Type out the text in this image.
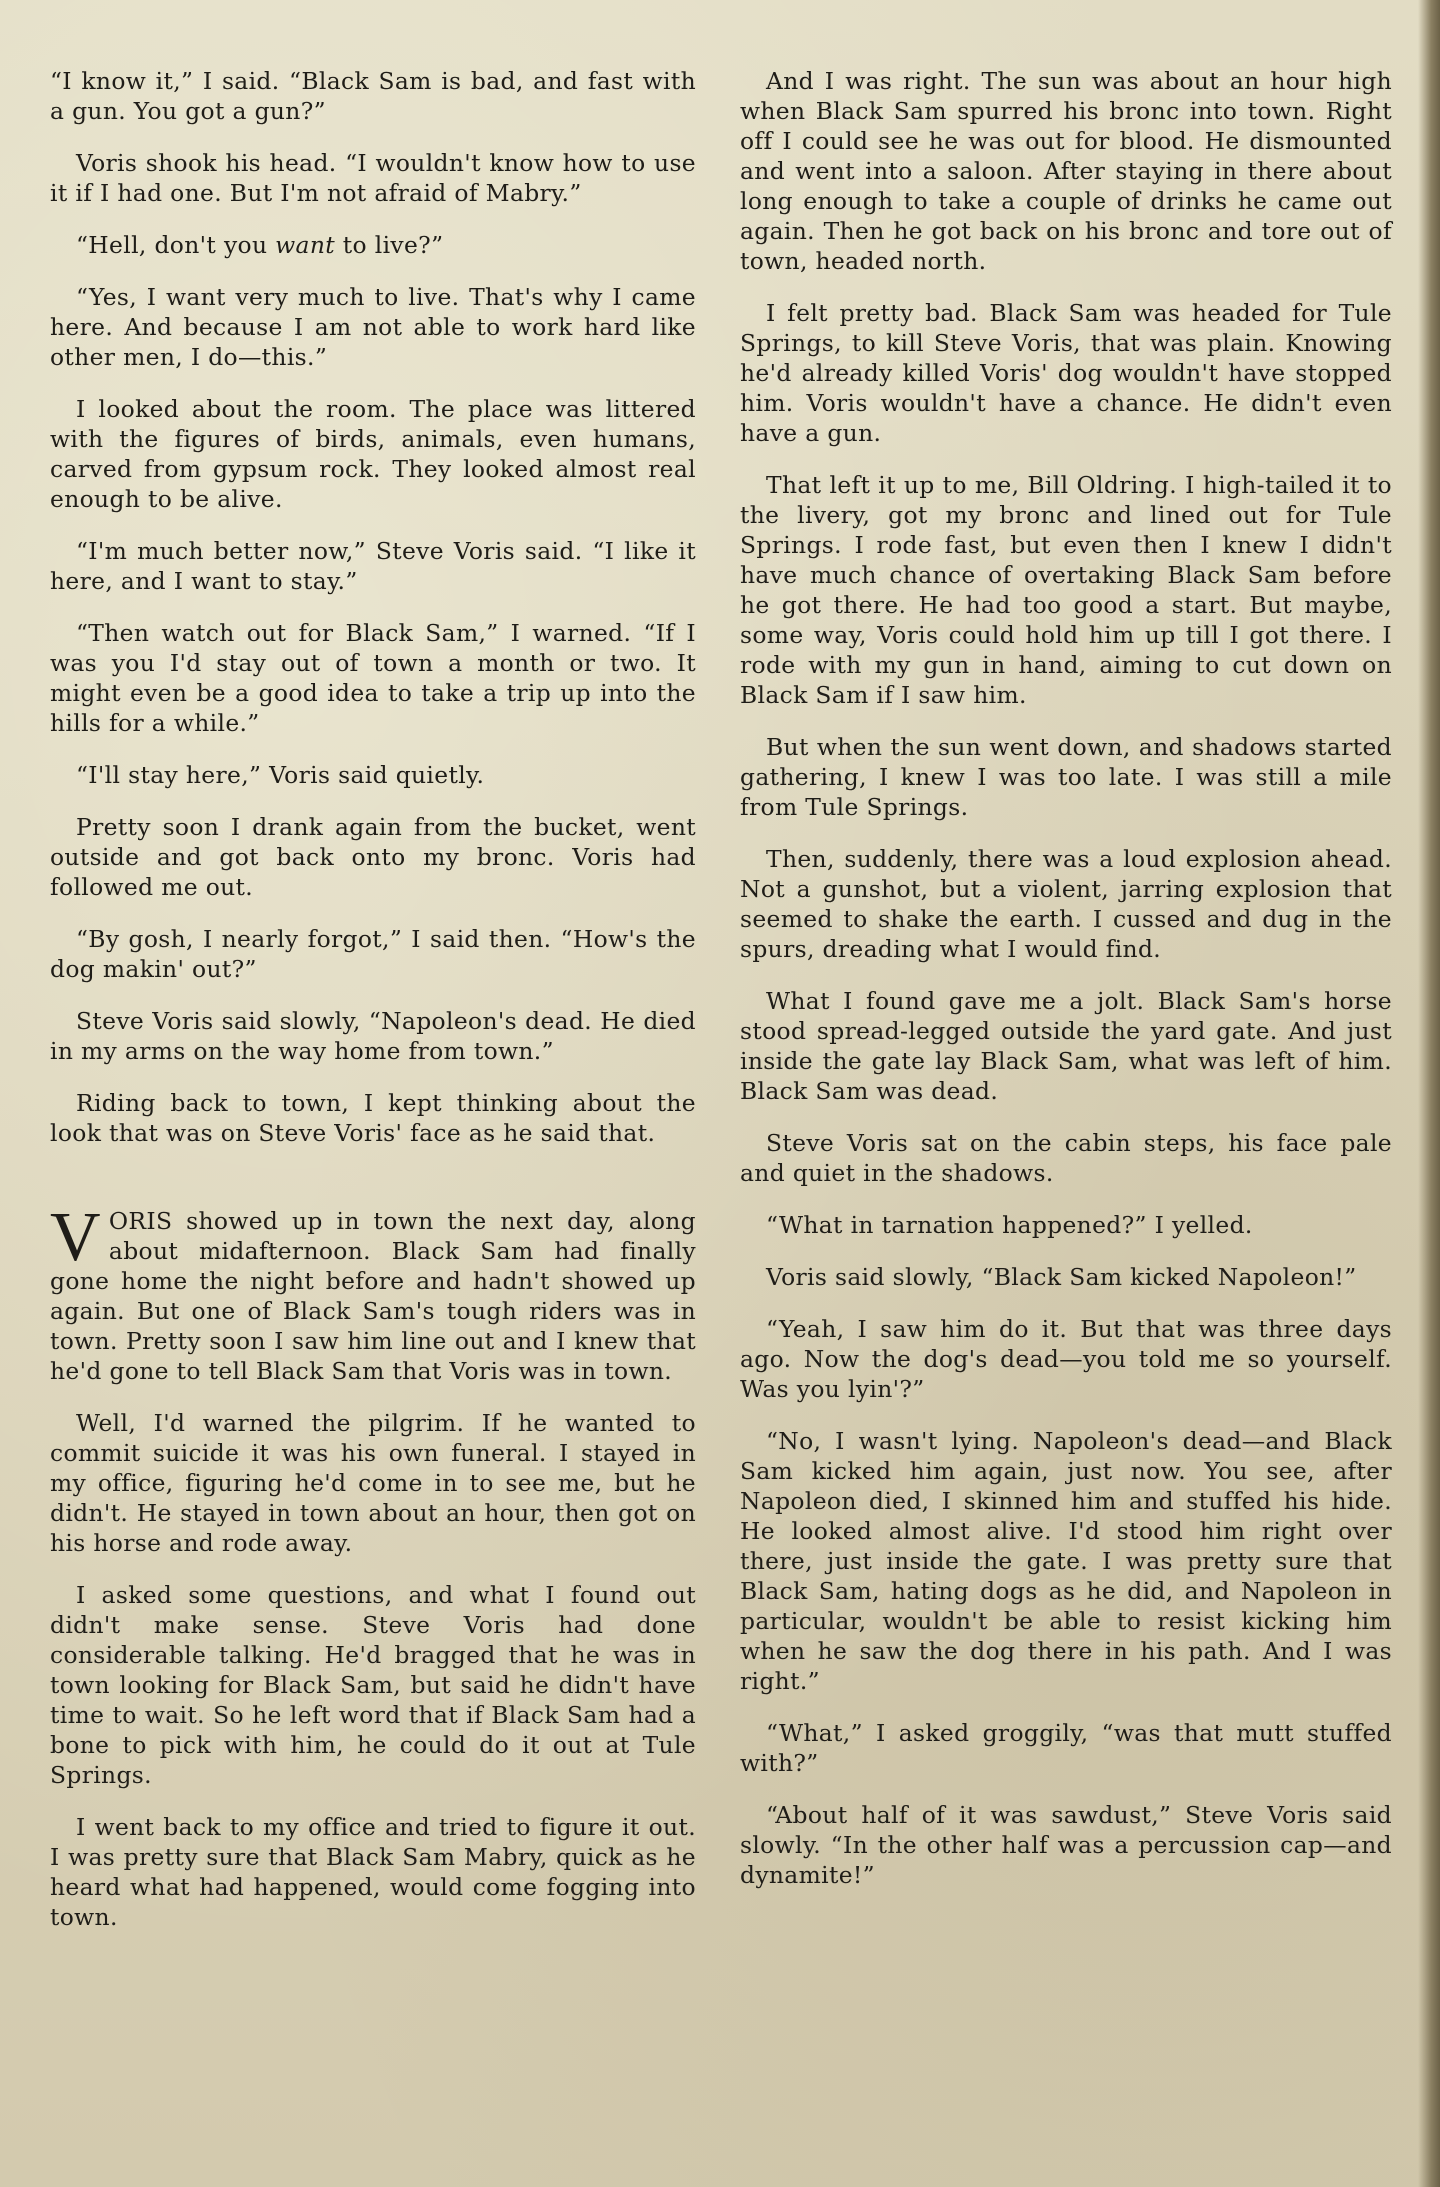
“I know it,” I said. “Black Sam is bad, and fast with a gun. You got a gun?”

Voris shook his head. “I wouldn't know how to use it if I had one. But I'm not afraid of Mabry.”

“Hell, don't you want to live?”

“Yes, I want very much to live. That's why I came here. And because I am not able to work hard like other men, I do—this.”

I looked about the room. The place was littered with the figures of birds, animals, even humans, carved from gypsum rock. They looked almost real enough to be alive.

“I'm much better now,” Steve Voris said. “I like it here, and I want to stay.”

“Then watch out for Black Sam,” I warned. “If I was you I'd stay out of town a month or two. It might even be a good idea to take a trip up into the hills for a while.”

“I'll stay here,” Voris said quietly.

Pretty soon I drank again from the bucket, went outside and got back onto my bronc. Voris had followed me out.

“By gosh, I nearly forgot,” I said then. “How's the dog makin' out?”

Steve Voris said slowly, “Napoleon's dead. He died in my arms on the way home from town.”

Riding back to town, I kept thinking about the look that was on Steve Voris' face as he said that.

VORIS showed up in town the next day, along about midafternoon. Black Sam had finally gone home the night before and hadn't showed up again. But one of Black Sam's tough riders was in town. Pretty soon I saw him line out and I knew that he'd gone to tell Black Sam that Voris was in town.

Well, I'd warned the pilgrim. If he wanted to commit suicide it was his own funeral. I stayed in my office, figuring he'd come in to see me, but he didn't. He stayed in town about an hour, then got on his horse and rode away.

I asked some questions, and what I found out didn't make sense. Steve Voris had done considerable talking. He'd bragged that he was in town looking for Black Sam, but said he didn't have time to wait. So he left word that if Black Sam had a bone to pick with him, he could do it out at Tule Springs.

I went back to my office and tried to figure it out. I was pretty sure that Black Sam Mabry, quick as he heard what had happened, would come fogging into town.

And I was right. The sun was about an hour high when Black Sam spurred his bronc into town. Right off I could see he was out for blood. He dismounted and went into a saloon. After staying in there about long enough to take a couple of drinks he came out again. Then he got back on his bronc and tore out of town, headed north.

I felt pretty bad. Black Sam was headed for Tule Springs, to kill Steve Voris, that was plain. Knowing he'd already killed Voris' dog wouldn't have stopped him. Voris wouldn't have a chance. He didn't even have a gun.

That left it up to me, Bill Oldring. I high-tailed it to the livery, got my bronc and lined out for Tule Springs. I rode fast, but even then I knew I didn't have much chance of overtaking Black Sam before he got there. He had too good a start. But maybe, some way, Voris could hold him up till I got there. I rode with my gun in hand, aiming to cut down on Black Sam if I saw him.

But when the sun went down, and shadows started gathering, I knew I was too late. I was still a mile from Tule Springs.

Then, suddenly, there was a loud explosion ahead. Not a gunshot, but a violent, jarring explosion that seemed to shake the earth. I cussed and dug in the spurs, dreading what I would find.

What I found gave me a jolt. Black Sam's horse stood spread-legged outside the yard gate. And just inside the gate lay Black Sam, what was left of him. Black Sam was dead.

Steve Voris sat on the cabin steps, his face pale and quiet in the shadows.

“What in tarnation happened?” I yelled.

Voris said slowly, “Black Sam kicked Napoleon!”

“Yeah, I saw him do it. But that was three days ago. Now the dog's dead—you told me so yourself. Was you lyin'?”

“No, I wasn't lying. Napoleon's dead—and Black Sam kicked him again, just now. You see, after Napoleon died, I skinned him and stuffed his hide. He looked almost alive. I'd stood him right over there, just inside the gate. I was pretty sure that Black Sam, hating dogs as he did, and Napoleon in particular, wouldn't be able to resist kicking him when he saw the dog there in his path. And I was right.”

“What,” I asked groggily, “was that mutt stuffed with?”

“About half of it was sawdust,” Steve Voris said slowly. “In the other half was a percussion cap—and dynamite!”
